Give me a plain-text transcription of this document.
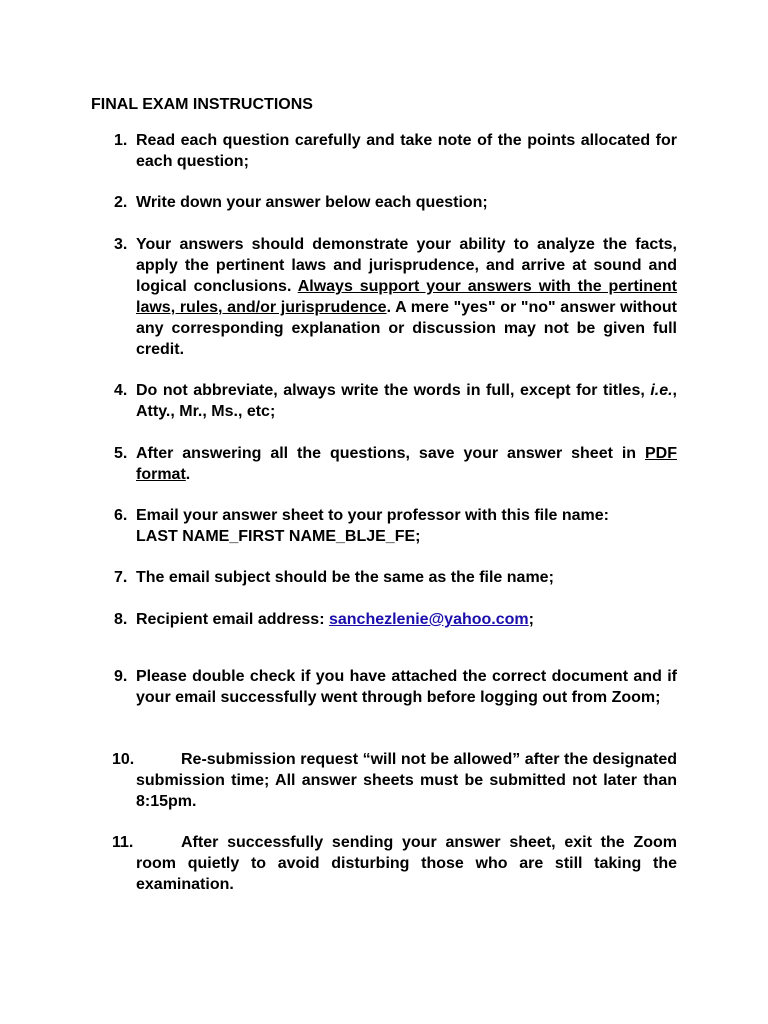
FINAL EXAM INSTRUCTIONS
1. Read each question carefully and take note of the points allocated for each question;
2. Write down your answer below each question;
3. Your answers should demonstrate your ability to analyze the facts, apply the pertinent laws and jurisprudence, and arrive at sound and logical conclusions. Always support your answers with the pertinent laws, rules, and/or jurisprudence. A mere "yes" or "no" answer without any corresponding explanation or discussion may not be given full credit.
4. Do not abbreviate, always write the words in full, except for titles, i.e., Atty., Mr., Ms., etc;
5. After answering all the questions, save your answer sheet in PDF format.
6. Email your answer sheet to your professor with this file name:
LAST NAME_FIRST NAME_BLJE_FE;
7. The email subject should be the same as the file name;
8. Recipient email address: sanchezlenie@yahoo.com;
9. Please double check if you have attached the correct document and if your email successfully went through before logging out from Zoom;
10.	Re-submission request “will not be allowed” after the designated submission time; All answer sheets must be submitted not later than 8:15pm.
11.	After successfully sending your answer sheet, exit the Zoom room quietly to avoid disturbing those who are still taking the examination.
